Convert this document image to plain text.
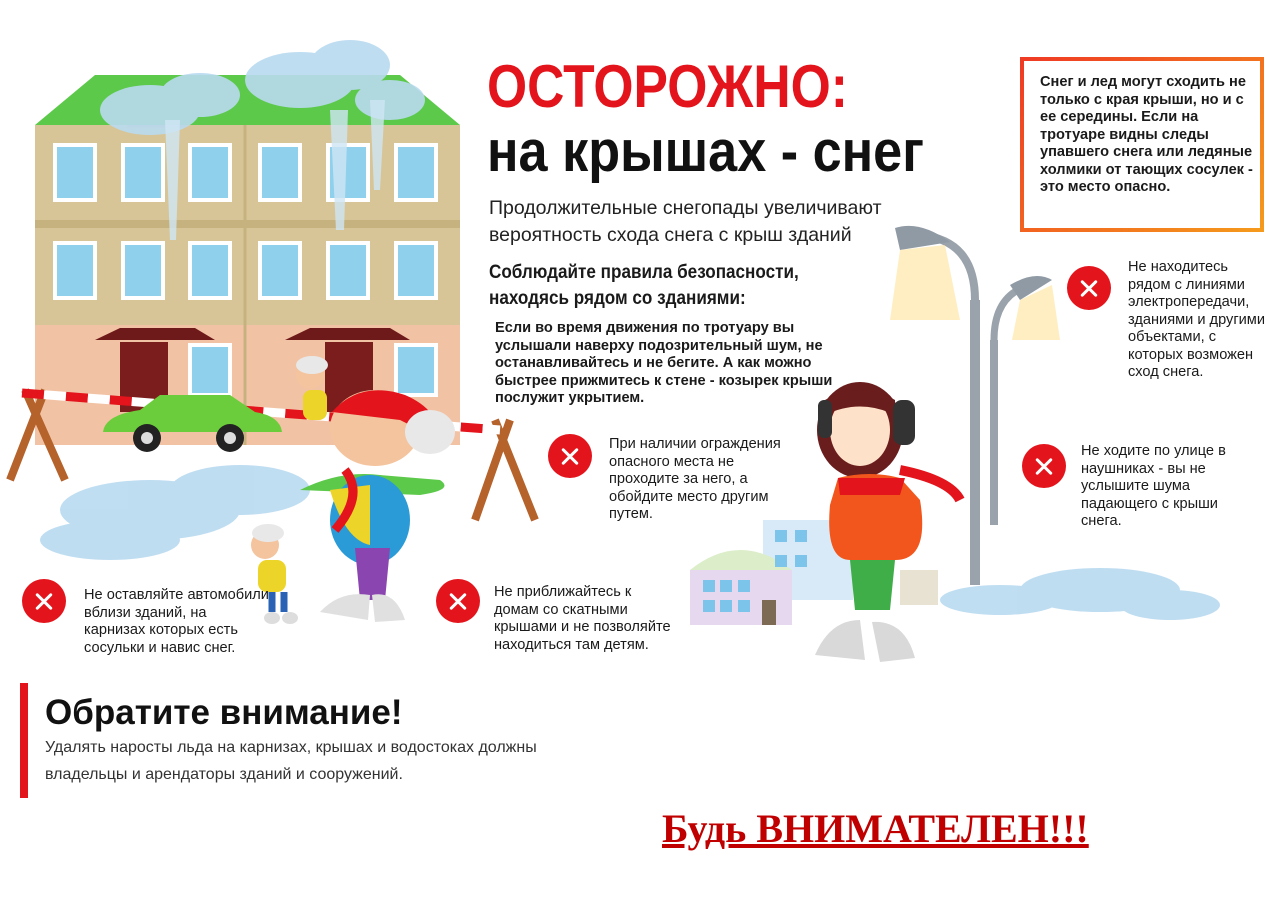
ОСТОРОЖНО:
на крышах - снег
Продолжительные снегопады увеличивают вероятность схода снега с крыш зданий
Соблюдайте правила безопасности, находясь рядом со зданиями:
Если во время движения по тротуару вы услышали наверху подозрительный шум, не останавливайтесь и не бегите. А как можно быстрее прижмитесь к стене - козырек крыши послужит укрытием.
Снег и лед могут сходить не только с края крыши, но и с ее середины. Если на тротуаре видны следы упавшего снега или ледяные холмики от тающих сосулек - это место опасно.
При наличии ограждения опасного места не проходите за него, а обойдите место другим путем.
Не оставляйте автомобили вблизи зданий, на карнизах которых есть сосульки и навис снег.
Не приближайтесь к домам со скатными крышами и не позволяйте находиться там детям.
Не находитесь рядом с линиями электропередачи, зданиями и другими объектами, с которых возможен сход снега.
Не ходите по улице в наушниках - вы не услышите шума падающего с крыши снега.
Обратите внимание!
Удалять наросты льда на карнизах, крышах и водостоках должны владельцы и арендаторы зданий и сооружений.
Будь ВНИМАТЕЛЕН!!!
